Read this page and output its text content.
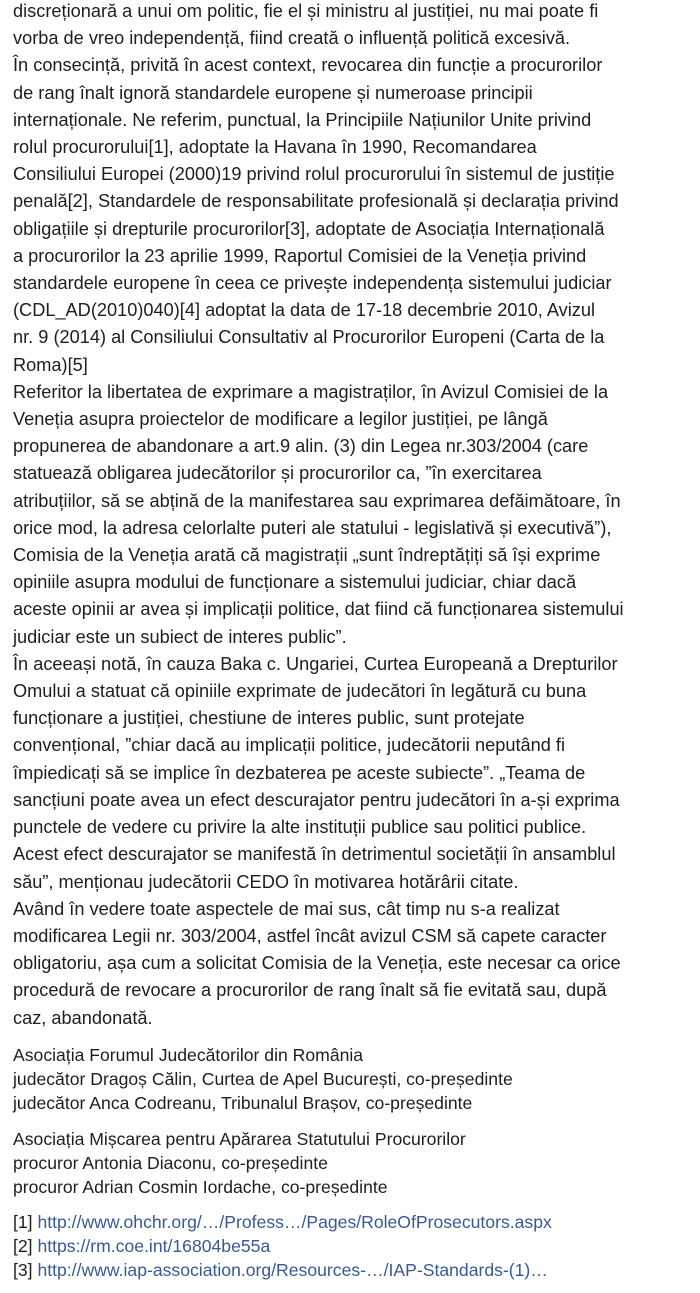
discreționară a unui om politic, fie el și ministru al justiției, nu mai poate fi
vorba de vreo independență, fiind creată o influență politică excesivă.

În consecință, privită în acest context, revocarea din funcție a procurorilor
de rang înalt ignoră standardele europene și numeroase principii
internaționale. Ne referim, punctual, la Principiile Națiunilor Unite privind
rolul procurorului[1], adoptate la Havana în 1990, Recomandarea
Consiliului Europei (2000)19 privind rolul procurorului în sistemul de justiție
penală[2], Standardele de responsabilitate profesională și declarația privind
obligațiile și drepturile procurorilor[3], adoptate de Asociația Internațională
a procurorilor la 23 aprilie 1999, Raportul Comisiei de la Veneția privind
standardele europene în ceea ce privește independența sistemului judiciar
(CDL_AD(2010)040)[4] adoptat la data de 17-18 decembrie 2010, Avizul
nr. 9 (2014) al Consiliului Consultativ al Procurorilor Europeni (Carta de la
Roma)[5]

Referitor la libertatea de exprimare a magistraților, în Avizul Comisiei de la
Veneția asupra proiectelor de modificare a legilor justiției, pe lângă
propunerea de abandonare a art.9 alin. (3) din Legea nr.303/2004 (care
statuează obligarea judecătorilor și procurorilor ca, ”în exercitarea
atribuțiilor, să se abțină de la manifestarea sau exprimarea defăimătoare, în
orice mod, la adresa celorlalte puteri ale statului - legislativă și executivă”),
Comisia de la Veneția arată că magistrații „sunt îndreptățiți să își exprime
opiniile asupra modului de funcționare a sistemului judiciar, chiar dacă
aceste opinii ar avea și implicații politice, dat fiind că funcționarea sistemului
judiciar este un subiect de interes public”.

În aceeași notă, în cauza Baka c. Ungariei, Curtea Europeană a Drepturilor
Omului a statuat că opiniile exprimate de judecători în legătură cu buna
funcționare a justiției, chestiune de interes public, sunt protejate
convențional, ”chiar dacă au implicații politice, judecătorii neputând fi
împiedicați să se implice în dezbaterea pe aceste subiecte”. „Teama de
sancțiuni poate avea un efect descurajator pentru judecători în a-și exprima
punctele de vedere cu privire la alte instituții publice sau politici publice.
Acest efect descurajator se manifestă în detrimentul societății în ansamblul
său”, menționau judecătorii CEDO în motivarea hotărârii citate.

Având în vedere toate aspectele de mai sus, cât timp nu s-a realizat
modificarea Legii nr. 303/2004, astfel încât avizul CSM să capete caracter
obligatoriu, așa cum a solicitat Comisia de la Veneția, este necesar ca orice
procedură de revocare a procurorilor de rang înalt să fie evitată sau, după
caz, abandonată.

Asociația Forumul Judecătorilor din România
judecător Dragoș Călin, Curtea de Apel București, co-președinte
judecător Anca Codreanu, Tribunalul Brașov, co-președinte

Asociația Mișcarea pentru Apărarea Statutului Procurorilor
procuror Antonia Diaconu, co-președinte
procuror Adrian Cosmin Iordache, co-președinte

[1] http://www.ohchr.org/…/Profess…/Pages/RoleOfProsecutors.aspx

[2] https://rm.coe.int/16804be55a

[3] http://www.iap-association.org/Resources-…/IAP-Standards-(1)…
